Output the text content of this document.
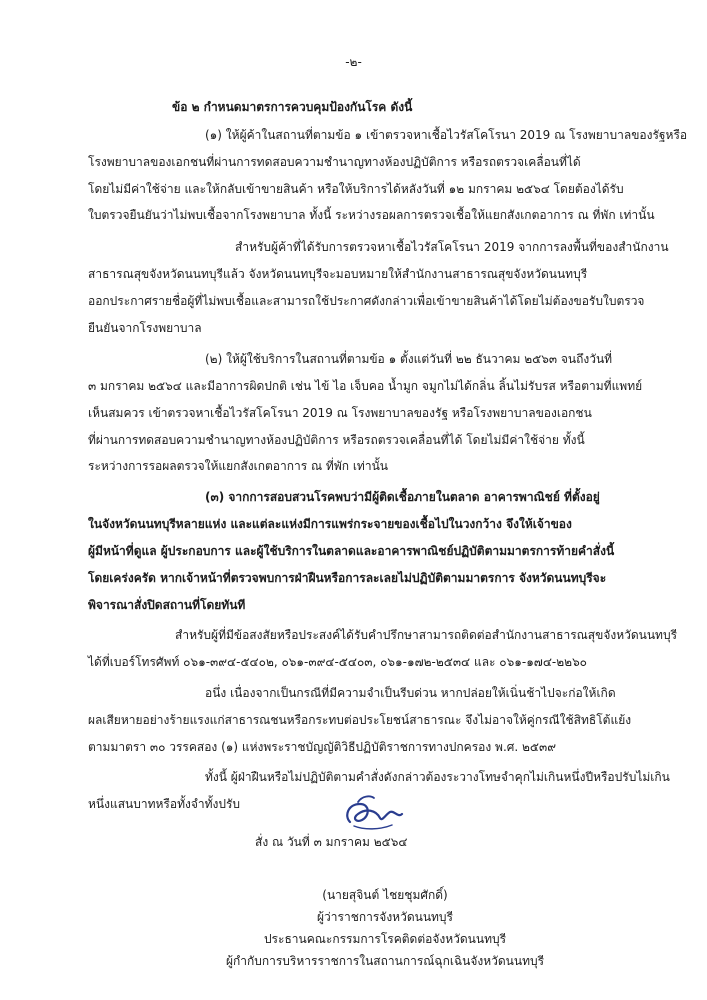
-๒-
ข้อ ๒ กำหนดมาตรการควบคุมป้องกันโรค ดังนี้
(๑) ให้ผู้ค้าในสถานที่ตามข้อ ๑ เข้าตรวจหาเชื้อไวรัสโคโรนา 2019 ณ โรงพยาบาลของรัฐหรือ
โรงพยาบาลของเอกชนที่ผ่านการทดสอบความชำนาญทางห้องปฏิบัติการ หรือรถตรวจเคลื่อนที่ได้
โดยไม่มีค่าใช้จ่าย และให้กลับเข้าขายสินค้า หรือให้บริการได้หลังวันที่ ๑๒ มกราคม ๒๕๖๔ โดยต้องได้รับ
ใบตรวจยืนยันว่าไม่พบเชื้อจากโรงพยาบาล ทั้งนี้ ระหว่างรอผลการตรวจเชื้อให้แยกสังเกตอาการ ณ ที่พัก เท่านั้น
สำหรับผู้ค้าที่ได้รับการตรวจหาเชื้อไวรัสโคโรนา 2019 จากการลงพื้นที่ของสำนักงาน
สาธารณสุขจังหวัดนนทบุรีแล้ว จังหวัดนนทบุรีจะมอบหมายให้สำนักงานสาธารณสุขจังหวัดนนทบุรี
ออกประกาศรายชื่อผู้ที่ไม่พบเชื้อและสามารถใช้ประกาศดังกล่าวเพื่อเข้าขายสินค้าได้โดยไม่ต้องขอรับใบตรวจ
ยืนยันจากโรงพยาบาล
(๒) ให้ผู้ใช้บริการในสถานที่ตามข้อ ๑ ตั้งแต่วันที่ ๒๒ ธันวาคม ๒๕๖๓ จนถึงวันที่
๓ มกราคม ๒๕๖๔ และมีอาการผิดปกติ เช่น ไข้ ไอ เจ็บคอ น้ำมูก จมูกไม่ได้กลิ่น ลิ้นไม่รับรส หรือตามที่แพทย์
เห็นสมควร เข้าตรวจหาเชื้อไวรัสโคโรนา 2019 ณ โรงพยาบาลของรัฐ หรือโรงพยาบาลของเอกชน
ที่ผ่านการทดสอบความชำนาญทางห้องปฏิบัติการ หรือรถตรวจเคลื่อนที่ได้ โดยไม่มีค่าใช้จ่าย ทั้งนี้
ระหว่างการรอผลตรวจให้แยกสังเกตอาการ ณ ที่พัก เท่านั้น
(๓) จากการสอบสวนโรคพบว่ามีผู้ติดเชื้อภายในตลาด อาคารพาณิชย์ ที่ตั้งอยู่
ในจังหวัดนนทบุรีหลายแห่ง และแต่ละแห่งมีการแพร่กระจายของเชื้อไปในวงกว้าง จึงให้เจ้าของ
ผู้มีหน้าที่ดูแล ผู้ประกอบการ และผู้ใช้บริการในตลาดและอาคารพาณิชย์ปฏิบัติตามมาตรการท้ายคำสั่งนี้
โดยเคร่งครัด หากเจ้าหน้าที่ตรวจพบการฝ่าฝืนหรือการละเลยไม่ปฏิบัติตามมาตรการ จังหวัดนนทบุรีจะ
พิจารณาสั่งปิดสถานที่โดยทันที
สำหรับผู้ที่มีข้อสงสัยหรือประสงค์ได้รับคำปรึกษาสามารถติดต่อสำนักงานสาธารณสุขจังหวัดนนทบุรี
ได้ที่เบอร์โทรศัพท์ ๐๖๑-๓๙๔-๕๔๐๒, ๐๖๑-๓๙๔-๕๔๐๓, ๐๖๑-๑๗๒-๒๕๓๔ และ ๐๖๑-๑๗๔-๒๒๖๐
อนึ่ง เนื่องจากเป็นกรณีที่มีความจำเป็นรีบด่วน หากปล่อยให้เนิ่นช้าไปจะก่อให้เกิด
ผลเสียหายอย่างร้ายแรงแก่สาธารณชนหรือกระทบต่อประโยชน์สาธารณะ จึงไม่อาจให้คู่กรณีใช้สิทธิโต้แย้ง
ตามมาตรา ๓๐ วรรคสอง (๑) แห่งพระราชบัญญัติวิธีปฏิบัติราชการทางปกครอง พ.ศ. ๒๕๓๙
ทั้งนี้ ผู้ฝ่าฝืนหรือไม่ปฏิบัติตามคำสั่งดังกล่าวต้องระวางโทษจำคุกไม่เกินหนึ่งปีหรือปรับไม่เกิน
หนึ่งแสนบาทหรือทั้งจำทั้งปรับ
สั่ง ณ วันที่ ๓ มกราคม ๒๕๖๔
(นายสุจินต์ ไชยชุมศักดิ์)
ผู้ว่าราชการจังหวัดนนทบุรี
ประธานคณะกรรมการโรคติดต่อจังหวัดนนทบุรี
ผู้กำกับการบริหารราชการในสถานการณ์ฉุกเฉินจังหวัดนนทบุรี
